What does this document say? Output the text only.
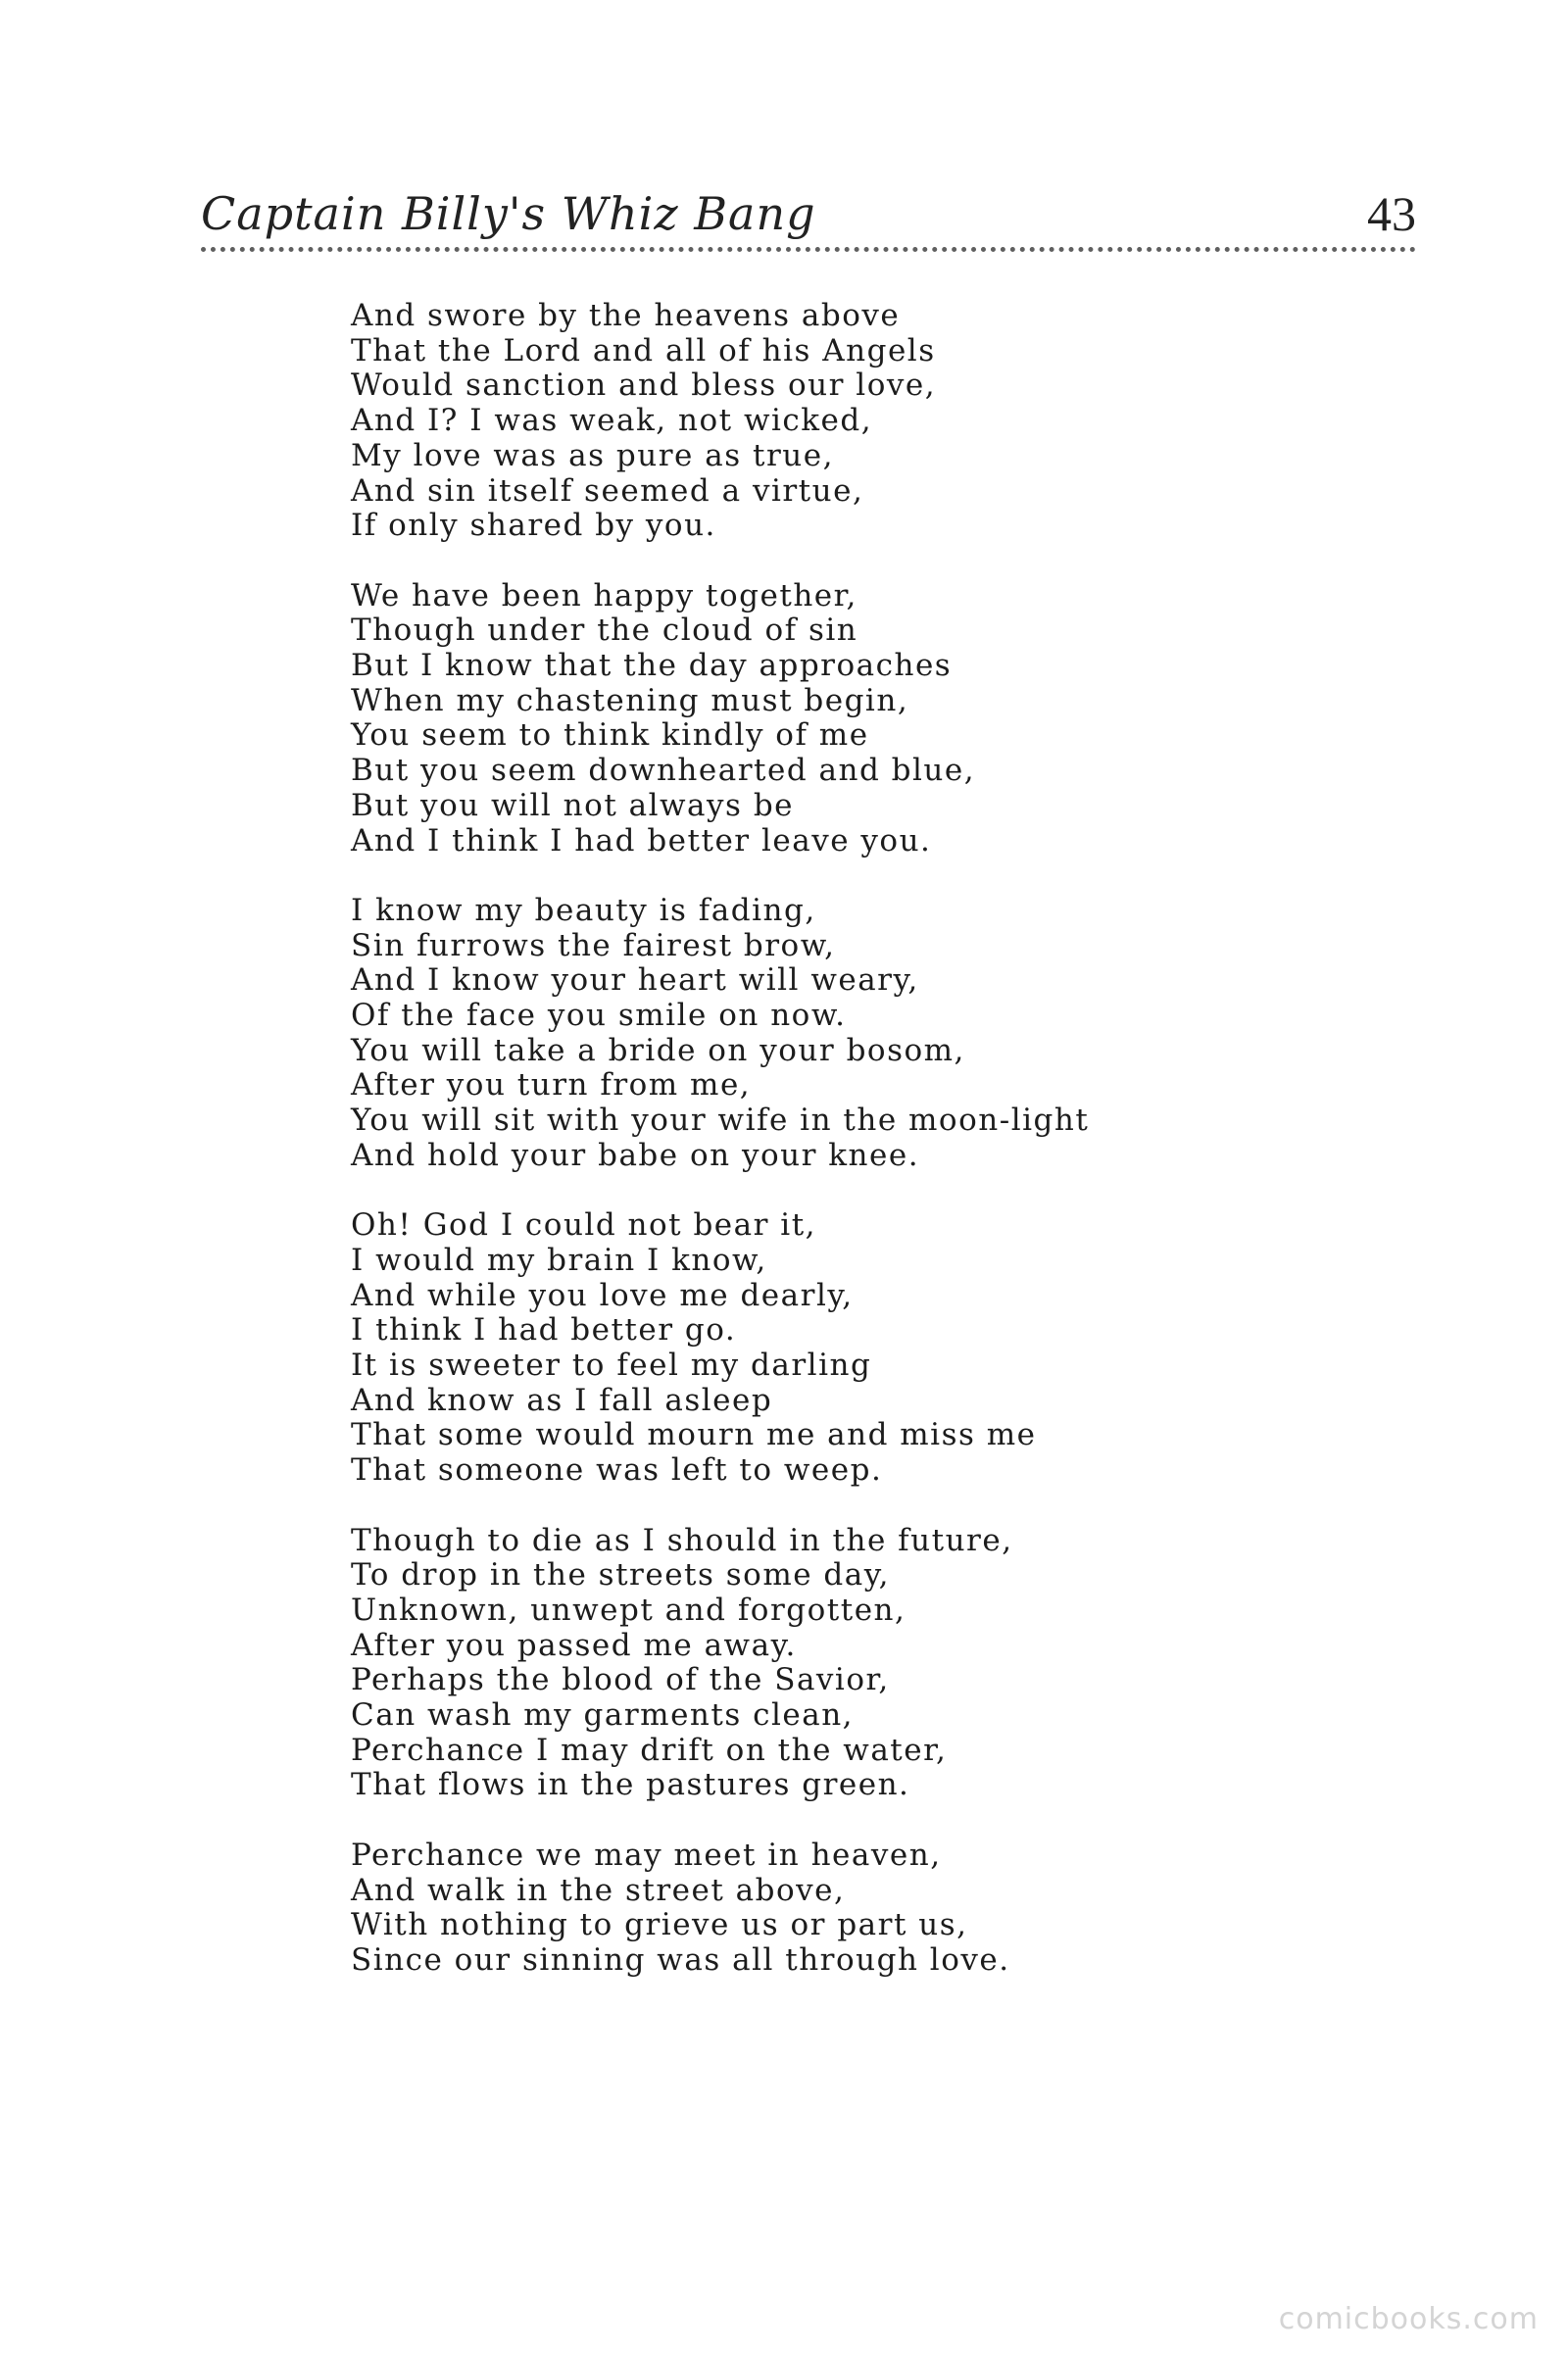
Captain Billy's Whiz Bang	43
And swore by the heavens above
That the Lord and all of his Angels
Would sanction and bless our love,
And I? I was weak, not wicked,
My love was as pure as true,
And sin itself seemed a virtue,
If only shared by you.
We have been happy together,
Though under the cloud of sin
But I know that the day approaches
When my chastening must begin,
You seem to think kindly of me
But you seem downhearted and blue,
But you will not always be
And I think I had better leave you.
I know my beauty is fading,
Sin furrows the fairest brow,
And I know your heart will weary,
Of the face you smile on now.
You will take a bride on your bosom,
After you turn from me,
You will sit with your wife in the moon-light
And hold your babe on your knee.
Oh! God I could not bear it,
I would my brain I know,
And while you love me dearly,
I think I had better go.
It is sweeter to feel my darling
And know as I fall asleep
That some would mourn me and miss me
That someone was left to weep.
Though to die as I should in the future,
To drop in the streets some day,
Unknown, unwept and forgotten,
After you passed me away.
Perhaps the blood of the Savior,
Can wash my garments clean,
Perchance I may drift on the water,
That flows in the pastures green.
Perchance we may meet in heaven,
And walk in the street above,
With nothing to grieve us or part us,
Since our sinning was all through love.
comicbooks.com
